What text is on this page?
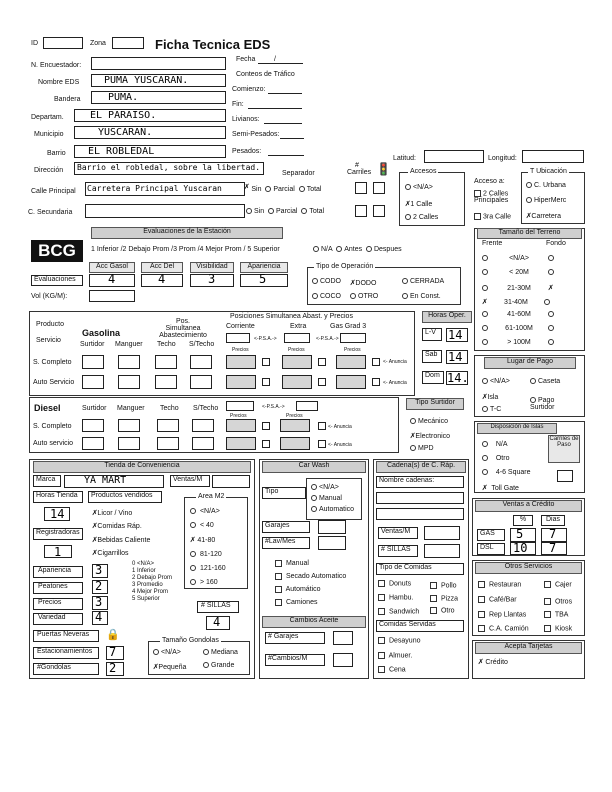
ID	Zona	Ficha Tecnica EDS
N. Encuestador:
Nombre EDS PUMA YUSCARAN.
Bandera	PUMA.
Departam.	EL PARAISO.
Municipio	YUSCARAN.
Barrio EL ROBLEDAL
Dirección Barrio el robledal, sobre la libertad.
Calle Principal Carretera Principal Yuscaran
C. Secundaria
Fecha	/
Conteos de Tráfico
Comienzo:
Fin:
Livianos:
Semi-Pesados:
Pesados:
Separador
# Carriles 🚦
✗ Sin Parcial Total
Sin Parcial Total
Latitud:	Longitud:
Accesos
<N/A>
✗1 Calle
2 Calles
Acceso a:
2 Calles Principales
3ra Calle
T Ubicación
C. Urbana
HiperMerc
✗Carretera
Evaluaciones de la Estación
BCG	1 Inferior /2 Debajo Prom /3 Prom /4 Mejor Prom / 5 Superior	N/A Antes Despues
Acc Gasol	Acc Del	Visibilidad	Apariencia
Evaluaciones	4	4	3	5
Vol (KG/M):
Tipo de Operación
CODO ✗DODO	CERRADA
COCO	OTRO	En Const.
Tamaño del Terreno
Frente	Fondo
<N/A>
< 20M
21-30M ✗
✗ 31-40M
41-60M
61-100M
> 100M
Producto
Servicio
Gasolina
Surtidor Manguer Techo S/Techo
Pos. Simultanea Abastecimiento
Posiciones Simultanea Abast. y Precios
Corriente	Extra	Gas Grad 3
<-P.S.A.->	<-P.S.A.->
Precios	Precios	Precios
S. Completo
Auto Servicio
<- Anuncia
<- Anuncia
Horas Oper.
L-V	14
Sab 14
Dom 14.
Lugar de Pago
<N/A>	Caseta
✗Isla	Pago Surtidor
T-C
Diesel	Surtidor Manguer Techo S/Techo	<-P.S.A.->
Precios	Precios
S. Completo
Auto servicio
<- Anuncia
<- Anuncia
Tipo Surtidor
Mecánico
✗Electronico
MPD
Disposición de Islas
N/A
Otro
4-6 Square
✗ Toll Gate
Carriles de Paso
Tienda de Conveniencia
Marca	YA MART	Ventas/M
Horas Tienda
14
Productos vendidos
✗Licor / Vino
✗Comidas Ráp.
✗Bebidas Caliente
✗Cigarrillos
Registradoras
1
Area M2
<N/A>
< 40
✗ 41-80
81-120
121-160
> 160
Apariencia	3
Peatones	2
Precios	3
Variedad	4
0 <N/A>
1 Inferior
2 Debajo Prom
3 Promedio
4 Mejor Prom
5 Superior
# SILLAS
4
Puertas Neveras	🔒
Estacionamientos	7
#Gondolas	2
Tamaño Gondolas
<N/A>	Mediana
✗Pequeña	Grande
Car Wash
Tipo
<N/A>
Manual
Automatico
Garajes
#Lav/Mes
Manual
Secado Automatico
Automático
Camiones
Cambios Aceite
# Garajes
#Cambios/M
Cadena(s) de C. Ráp.
Nombre cadenas:
Ventas/M
# SILLAS
Tipo de Comidas
Donuts	Pollo
Hambu.	Pizza
Sandwich	Otro
Comidas Servidas
Desayuno
Almuer.
Cena
Ventas a Crédito
%	Dias
GAS	5 7
DSL	10 7
Otros Servicios
Restauran	Cajer
Café/Bar	Otros
Rep Llantas	TBA
C.A. Camión	Kiosk
Acepta Tarjetas
✗ Crédito
